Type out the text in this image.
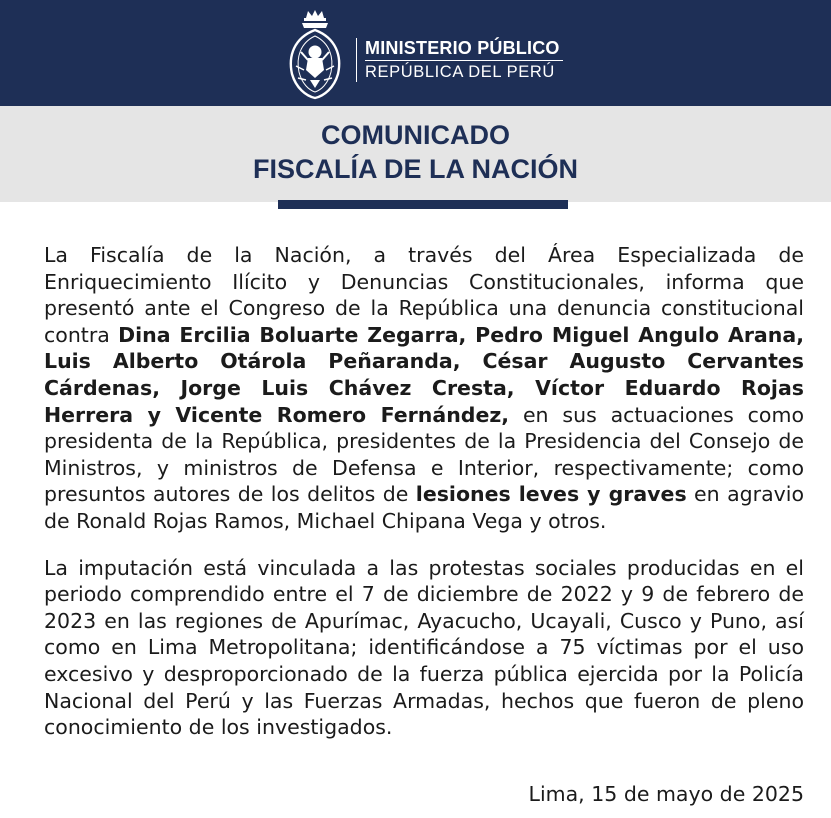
MINISTERIO PÚBLICO
REPÚBLICA DEL PERÚ
COMUNICADO
FISCALÍA DE LA NACIÓN

La Fiscalía de la Nación, a través del Área Especializada de Enriquecimiento Ilícito y Denuncias Constitucionales, informa que presentó ante el Congreso de la República una denuncia constitucional contra Dina Ercilia Boluarte Zegarra, Pedro Miguel Angulo Arana, Luis Alberto Otárola Peñaranda, César Augusto Cervantes Cárdenas, Jorge Luis Chávez Cresta, Víctor Eduardo Rojas Herrera y Vicente Romero Fernández, en sus actuaciones como presidenta de la República, presidentes de la Presidencia del Consejo de Ministros, y ministros de Defensa e Interior, respectivamente; como presuntos autores de los delitos de lesiones leves y graves en agravio de Ronald Rojas Ramos, Michael Chipana Vega y otros.

La imputación está vinculada a las protestas sociales producidas en el periodo comprendido entre el 7 de diciembre de 2022 y 9 de febrero de 2023 en las regiones de Apurímac, Ayacucho, Ucayali, Cusco y Puno, así como en Lima Metropolitana; identificándose a 75 víctimas por el uso excesivo y desproporcionado de la fuerza pública ejercida por la Policía Nacional del Perú y las Fuerzas Armadas, hechos que fueron de pleno conocimiento de los investigados.

Lima, 15 de mayo de 2025
